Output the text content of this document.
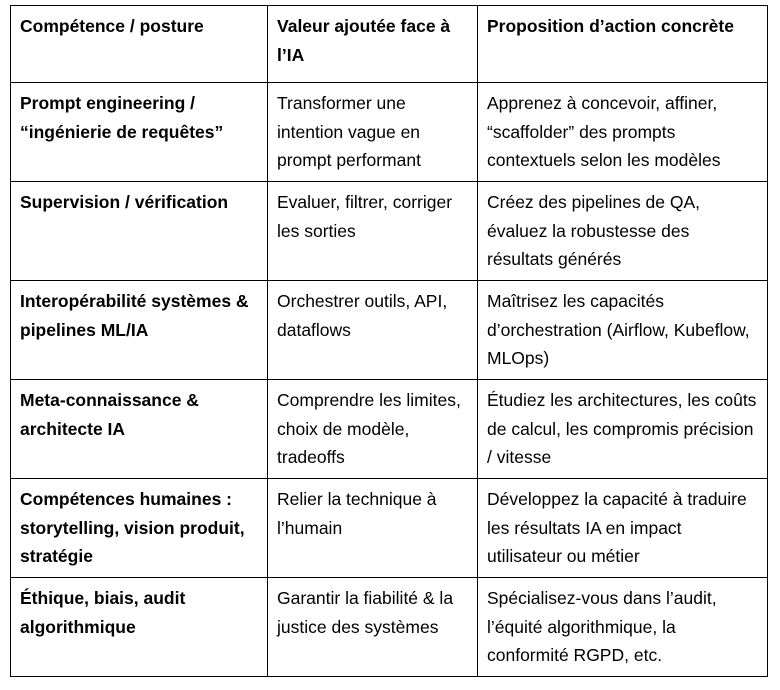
Compétence / posture	Valeur ajoutée face à l’IA	Proposition d’action concrète
Prompt engineering / “ingénierie de requêtes”	Transformer une intention vague en prompt performant	Apprenez à concevoir, affiner, “scaffolder” des prompts contextuels selon les modèles
Supervision / vérification	Evaluer, filtrer, corriger les sorties	Créez des pipelines de QA, évaluez la robustesse des résultats générés
Interopérabilité systèmes & pipelines ML/IA	Orchestrer outils, API, dataflows	Maîtrisez les capacités d’orchestration (Airflow, Kubeflow, MLOps)
Meta-connaissance & architecte IA	Comprendre les limites, choix de modèle, tradeoffs	Étudiez les architectures, les coûts de calcul, les compromis précision / vitesse
Compétences humaines : storytelling, vision produit, stratégie	Relier la technique à l’humain	Développez la capacité à traduire les résultats IA en impact utilisateur ou métier
Éthique, biais, audit algorithmique	Garantir la fiabilité & la justice des systèmes	Spécialisez-vous dans l’audit, l’équité algorithmique, la conformité RGPD, etc.
